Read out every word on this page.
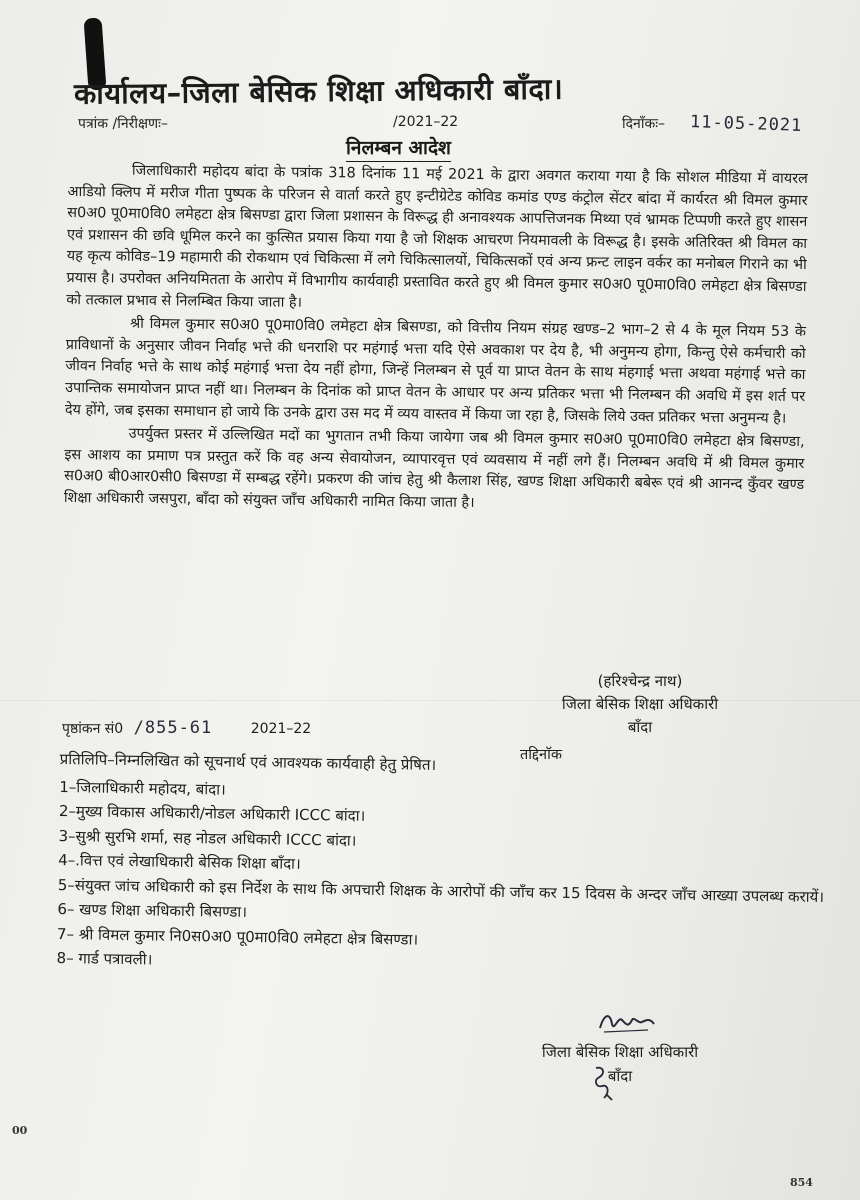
कार्यालय–जिला बेसिक शिक्षा अधिकारी बाँदा।
पत्रांक /निरीक्षणः–	/2021–22	दिनाँकः– 11-05-2021
निलम्बन आदेश

जिलाधिकारी महोदय बांदा के पत्रांक 318 दिनांक 11 मई 2021 के द्वारा अवगत कराया गया है कि सोशल मीडिया में वायरल आडियो क्लिप में मरीज गीता पुष्पक के परिजन से वार्ता करते हुए इन्टीग्रेटेड कोविड कमांड एण्ड कंट्रोल सेंटर बांदा में कार्यरत श्री विमल कुमार स0अ0 पू0मा0वि0 लमेहटा क्षेत्र बिसण्डा द्वारा जिला प्रशासन के विरूद्ध ही अनावश्यक आपत्तिजनक मिथ्या एवं भ्रामक टिप्पणी करते हुए शासन एवं प्रशासन की छवि धूमिल करने का कुत्सित प्रयास किया गया है जो शिक्षक आचरण नियमावली के विरूद्ध है। इसके अतिरिक्त श्री विमल का यह कृत्य कोविड–19 महामारी की रोकथाम एवं चिकित्सा में लगे चिकित्सालयों, चिकित्सकों एवं अन्य फ्रन्ट लाइन वर्कर का मनोबल गिराने का भी प्रयास है। उपरोक्त अनियमितता के आरोप में विभागीय कार्यवाही प्रस्तावित करते हुए श्री विमल कुमार स0अ0 पू0मा0वि0 लमेहटा क्षेत्र बिसण्डा को तत्काल प्रभाव से निलम्बित किया जाता है।

श्री विमल कुमार स0अ0 पू0मा0वि0 लमेहटा क्षेत्र बिसण्डा, को वित्तीय नियम संग्रह खण्ड–2 भाग–2 से 4 के मूल नियम 53 के प्राविधानों के अनुसार जीवन निर्वाह भत्ते की धनराशि पर महंगाई भत्ता यदि ऐसे अवकाश पर देय है, भी अनुमन्य होगा, किन्तु ऐसे कर्मचारी को जीवन निर्वाह भत्ते के साथ कोई महंगाई भत्ता देय नहीं होगा, जिन्हें निलम्बन से पूर्व या प्राप्त वेतन के साथ मंहगाई भत्ता अथवा महंगाई भत्ते का उपान्तिक समायोजन प्राप्त नहीं था। निलम्बन के दिनांक को प्राप्त वेतन के आधार पर अन्य प्रतिकर भत्ता भी निलम्बन की अवधि में इस शर्त पर देय होंगे, जब इसका समाधान हो जाये कि उनके द्वारा उस मद में व्यय वास्तव में किया जा रहा है, जिसके लिये उक्त प्रतिकर भत्ता अनुमन्य है।

उपर्युक्त प्रस्तर में उल्लिखित मदों का भुगतान तभी किया जायेगा जब श्री विमल कुमार स0अ0 पू0मा0वि0 लमेहटा क्षेत्र बिसण्डा, इस आशय का प्रमाण पत्र प्रस्तुत करें कि वह अन्य सेवायोजन, व्यापारवृत्त एवं व्यवसाय में नहीं लगे हैं। निलम्बन अवधि में श्री विमल कुमार स0अ0 बी0आर0सी0 बिसण्डा में सम्बद्ध रहेंगे। प्रकरण की जांच हेतु श्री कैलाश सिंह, खण्ड शिक्षा अधिकारी बबेरू एवं श्री आनन्द कुँवर खण्ड शिक्षा अधिकारी जसपुरा, बाँदा को संयुक्त जाँच अधिकारी नामित किया जाता है।

(हरिश्चेन्द्र नाथ)
जिला बेसिक शिक्षा अधिकारी
बाँदा
पृष्ठांकन सं0 /855-61	2021–22
तद्दिनाॅक
प्रतिलिपि–निम्नलिखित को सूचनार्थ एवं आवश्यक कार्यवाही हेतु प्रेषित।
1–जिलाधिकारी महोदय, बांदा।
2–मुख्य विकास अधिकारी/नोडल अधिकारी ICCC बांदा।
3–सुश्री सुरभि शर्मा, सह नोडल अधिकारी ICCC बांदा।
4–.वित्त एवं लेखाधिकारी बेसिक शिक्षा बाँदा।
5–संयुक्त जांच अधिकारी को इस निर्देश के साथ कि अपचारी शिक्षक के आरोपों की जाँच कर 15 दिवस के अन्दर जाँच आख्या उपलब्ध करायें।
6– खण्ड शिक्षा अधिकारी बिसण्डा।
7– श्री विमल कुमार नि0स0अ0 पू0मा0वि0 लमेहटा क्षेत्र बिसण्डा।
8– गार्ड पत्रावली।
जिला बेसिक शिक्षा अधिकारी
बाँदा
00
854
